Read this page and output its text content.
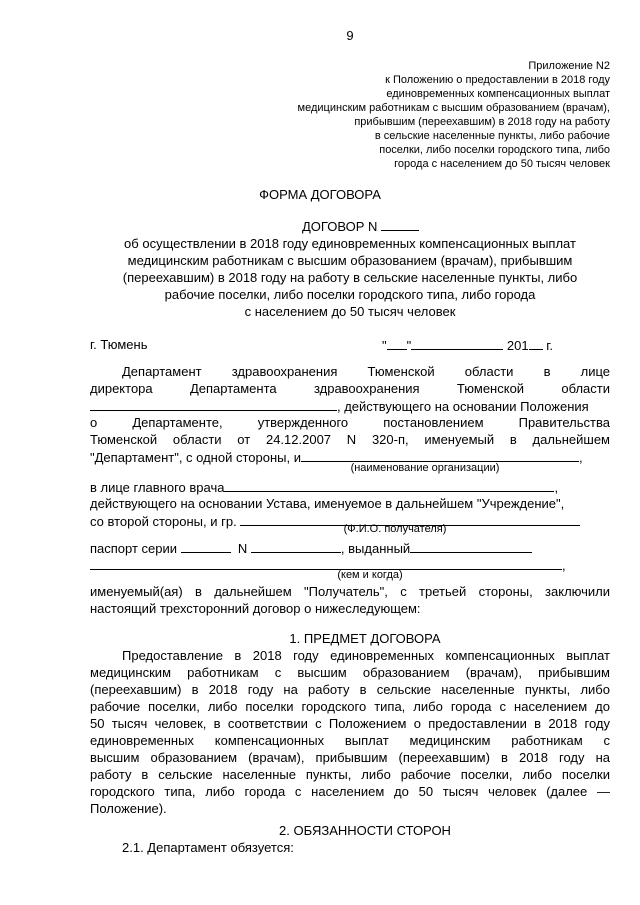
9
Приложение N2
к Положению о предоставлении в 2018 году
единовременных компенсационных выплат
медицинским работникам с высшим образованием (врачам),
прибывшим (переехавшим) в 2018 году на работу
в сельские населенные пункты, либо рабочие
поселки, либо поселки городского типа, либо
города с населением до 50 тысяч человек
ФОРМА ДОГОВОРА
ДОГОВОР N
об осуществлении в 2018 году единовременных компенсационных выплат
медицинским работникам с высшим образованием (врачам), прибывшим
(переехавшим) в 2018 году на работу в сельские населенные пункты, либо
рабочие поселки, либо поселки городского типа, либо города
с населением до 50 тысяч человек
г. Тюмень	" "	201 г.
Департамент здравоохранения Тюменской области в лице
директора Департамента здравоохранения Тюменской области
, действующего на основании Положения
о Департаменте, утвержденного постановлением Правительства
Тюменской области от 24.12.2007 N 320-п, именуемый в дальнейшем
"Департамент", с одной стороны, и	,
(наименование организации)
в лице главного врача	,
действующего на основании Устава, именуемое в дальнейшем "Учреждение",
со второй стороны, и гр.	(Ф.И.О. получателя)
паспорт серии	N	, выданный
,
(кем и когда)
именуемый(ая) в дальнейшем "Получатель", с третьей стороны, заключили
настоящий трехсторонний договор о нижеследующем:
1. ПРЕДМЕТ ДОГОВОРА
Предоставление в 2018 году единовременных компенсационных выплат
медицинским работникам с высшим образованием (врачам), прибывшим
(переехавшим) в 2018 году на работу в сельские населенные пункты, либо
рабочие поселки, либо поселки городского типа, либо города с населением до
50 тысяч человек, в соответствии с Положением о предоставлении в 2018 году
единовременных компенсационных выплат медицинским работникам с
высшим образованием (врачам), прибывшим (переехавшим) в 2018 году на
работу в сельские населенные пункты, либо рабочие поселки, либо поселки
городского типа, либо города с населением до 50 тысяч человек (далее —
Положение).
2. ОБЯЗАННОСТИ СТОРОН
2.1. Департамент обязуется:
